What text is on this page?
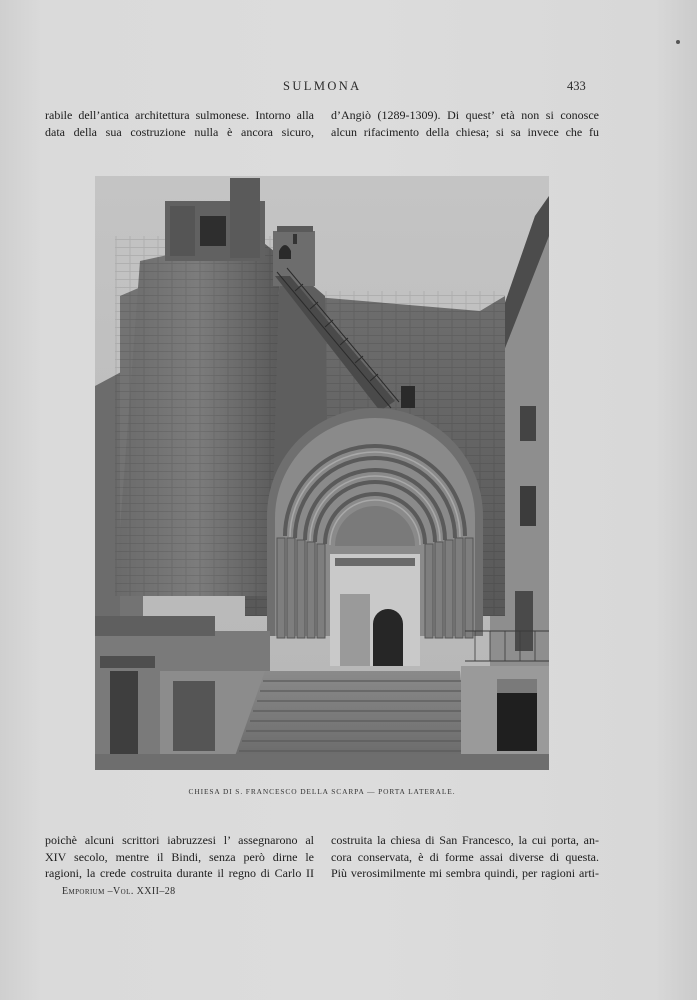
SULMONA	433
rabile dell’antica architettura sulmonese. Intorno alla
data della sua costruzione nulla è ancora sicuro,
d’Angiò (1289-1309). Di quest’ età non si conosce
alcun rifacimento della chiesa; si sa invece che fu
CHIESA DI S. FRANCESCO DELLA SCARPA — PORTA LATERALE.
poichè alcuni scrittori iabruzzesi l’ assegnarono al
XIV secolo, mentre il Bindi, senza però dirne le
ragioni, la crede costruita durante il regno di Carlo II
costruita la chiesa di San Francesco, la cui porta, an-
cora conservata, è di forme assai diverse di questa.
Più verosimilmente mi sembra quindi, per ragioni arti-
Emporium –Vol. XXII–28
